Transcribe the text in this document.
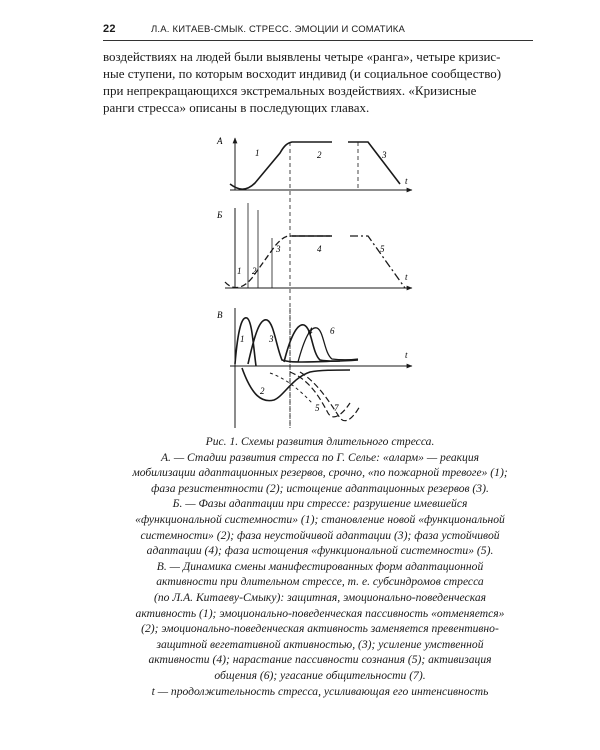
22	Л.А. КИТАЕВ-СМЫК. СТРЕСС. ЭМОЦИИ И СОМАТИКА
воздействиях на людей были выявлены четыре «ранга», четыре кризис-
ные ступени, по которым восходит индивид (и социальное сообщество)
при непрекращающихся экстремальных воздействиях. «Кризисные
ранги стресса» описаны в последующих главах.
А
t
1	2	3
Б
t
1 2
3	4	5
В
t
1	3
4 6
2
5 7
Рис. 1. Схемы развития длительного стресса.
А. — Стадии развития стресса по Г. Селье: «аларм» — реакция
мобилизации адаптационных резервов, срочно, «по пожарной тревоге» (1);
фаза резистентности (2); истощение адаптационных резервов (3).
Б. — Фазы адаптации при стрессе: разрушение имевшейся
«функциональной системности» (1); становление новой «функциональной
системности» (2); фаза неустойчивой адаптации (3); фаза устойчивой
адаптации (4); фаза истощения «функциональной системности» (5).
В. — Динамика смены манифестированных форм адаптационной
активности при длительном стрессе, т. е. субсиндромов стресса
(по Л.А. Китаеву-Смыку): защитная, эмоционально-поведенческая
активность (1); эмоционально-поведенческая пассивность «отменяется»
(2); эмоционально-поведенческая активность заменяется превентивно-
защитной вегетативной активностью, (3); усиление умственной
активности (4); нарастание пассивности сознания (5); активизация
общения (6); угасание общительности (7).
t — продолжительность стресса, усиливающая его интенсивность
